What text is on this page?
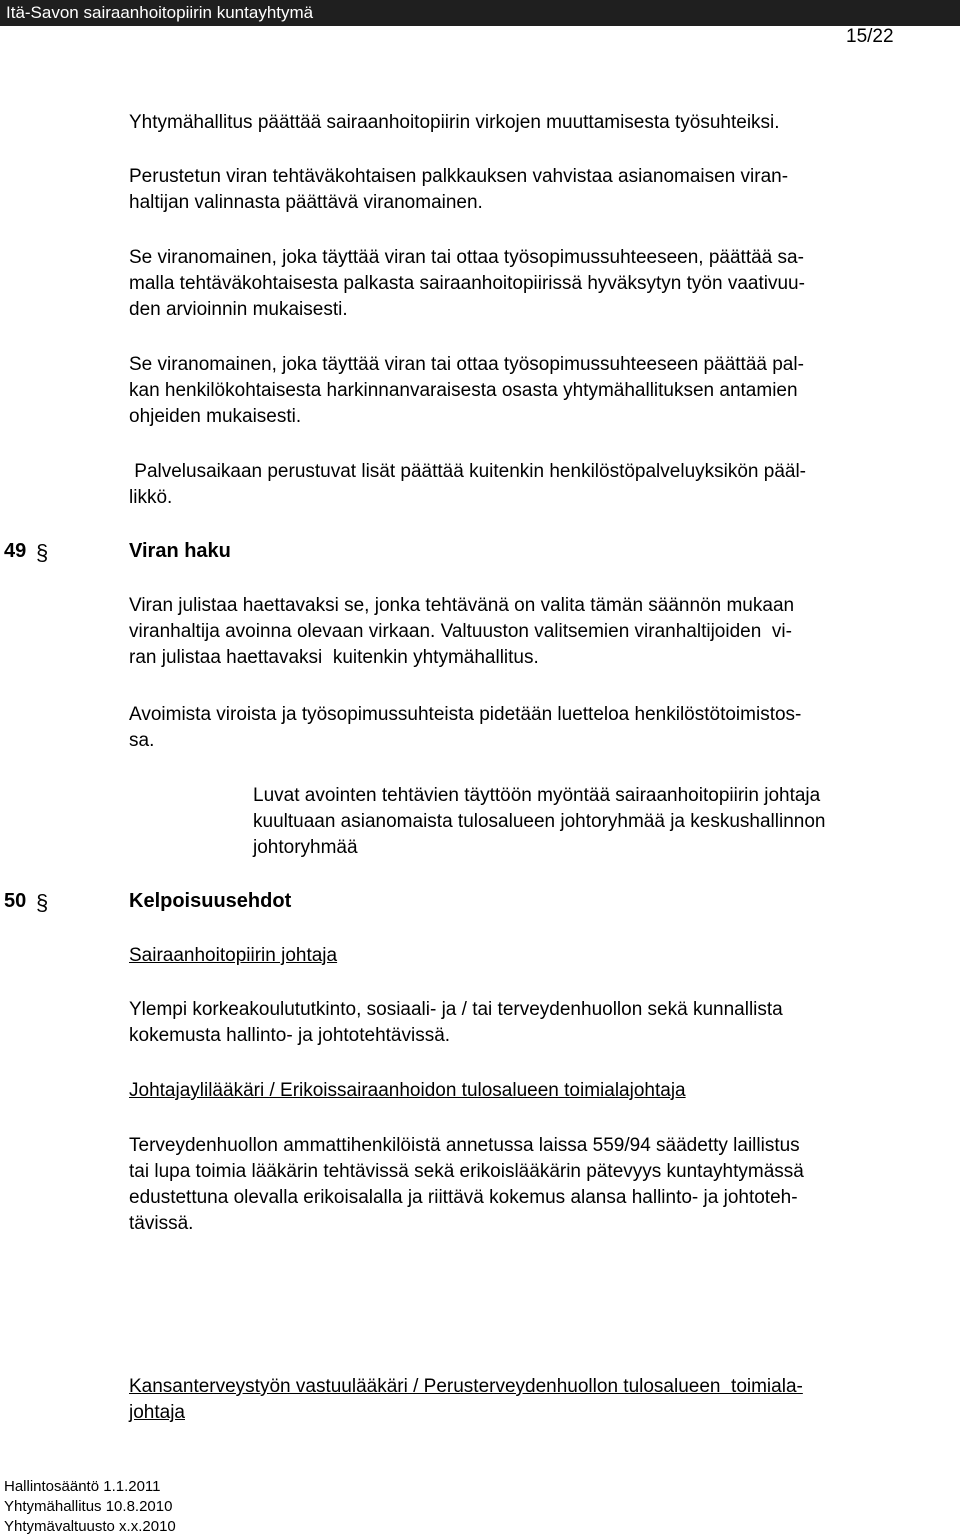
Itä-Savon sairaanhoitopiirin kuntayhtymä
15/22
Yhtymähallitus päättää sairaanhoitopiirin virkojen muuttamisesta työsuhteiksi.
Perustetun viran tehtäväkohtaisen palkkauksen vahvistaa asianomaisen viran-
haltijan valinnasta päättävä viranomainen.
Se viranomainen, joka täyttää viran tai ottaa työsopimussuhteeseen, päättää sa-
malla tehtäväkohtaisesta palkasta sairaanhoitopiirissä hyväksytyn työn vaativuu-
den arvioinnin mukaisesti.
Se viranomainen, joka täyttää viran tai ottaa työsopimussuhteeseen päättää pal-
kan henkilökohtaisesta harkinnanvaraisesta osasta yhtymähallituksen antamien
ohjeiden mukaisesti.
Palvelusaikaan perustuvat lisät päättää kuitenkin henkilöstöpalveluyksikön pääl-
likkö.
49 §	Viran haku
Viran julistaa haettavaksi se, jonka tehtävänä on valita tämän säännön mukaan
viranhaltija avoinna olevaan virkaan. Valtuuston valitsemien viranhaltijoiden  vi-
ran julistaa haettavaksi  kuitenkin yhtymähallitus.
Avoimista viroista ja työsopimussuhteista pidetään luetteloa henkilöstötoimistos-
sa.
Luvat avointen tehtävien täyttöön myöntää sairaanhoitopiirin johtaja
kuultuaan asianomaista tulosalueen johtoryhmää ja keskushallinnon
johtoryhmää
50 §	Kelpoisuusehdot
Sairaanhoitopiirin johtaja
Ylempi korkeakoulututkinto, sosiaali- ja / tai terveydenhuollon sekä kunnallista
kokemusta hallinto- ja johtotehtävissä.
Johtajaylilääkäri / Erikoissairaanhoidon tulosalueen toimialajohtaja
Terveydenhuollon ammattihenkilöistä annetussa laissa 559/94 säädetty laillistus
tai lupa toimia lääkärin tehtävissä sekä erikoislääkärin pätevyys kuntayhtymässä
edustettuna olevalla erikoisalalla ja riittävä kokemus alansa hallinto- ja johtoteh-
tävissä.
Kansanterveystyön vastuulääkäri / Perusterveydenhuollon tulosalueen  toimiala-
johtaja
Hallintosääntö 1.1.2011
Yhtymähallitus 10.8.2010
Yhtymävaltuusto x.x.2010
